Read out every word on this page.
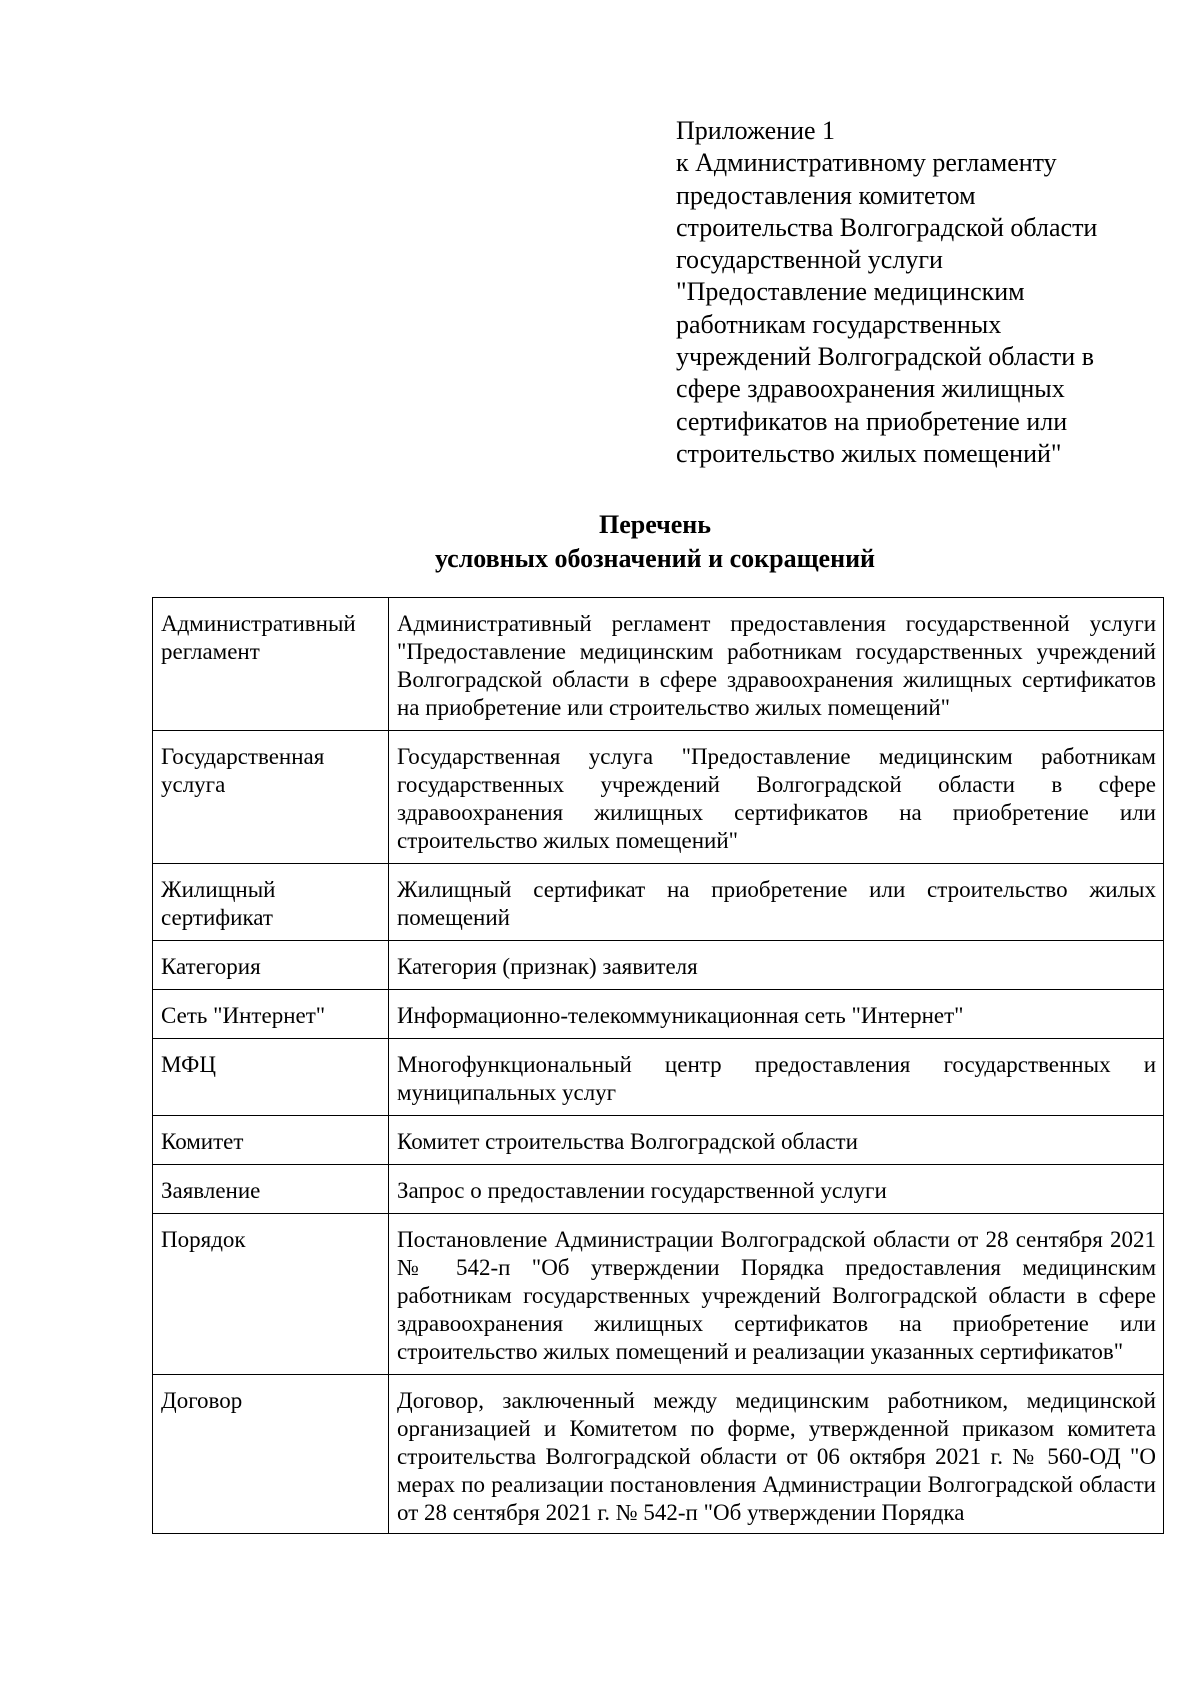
Приложение 1
к Административному регламенту
предоставления комитетом
строительства Волгоградской области
государственной услуги
"Предоставление медицинским
работникам государственных
учреждений Волгоградской области в
сфере здравоохранения жилищных
сертификатов на приобретение или
строительство жилых помещений"
Перечень

условных обозначений и сокращений
Административный регламент	Административный регламент предоставления государственной услуги "Предоставление медицинским работникам государственных учреждений Волгоградской области в сфере здравоохранения жилищных сертификатов на приобретение или строительство жилых помещений"
Государственная услуга	Государственная услуга "Предоставление медицинским работникам государственных учреждений Волгоградской области в сфере здравоохранения жилищных сертификатов на приобретение или строительство жилых помещений"
Жилищный сертификат	Жилищный сертификат на приобретение или строительство жилых помещений
Категория	Категория (признак) заявителя
Сеть "Интернет"	Информационно-телекоммуникационная сеть "Интернет"
МФЦ	Многофункциональный центр предоставления государственных и муниципальных услуг
Комитет	Комитет строительства Волгоградской области
Заявление	Запрос о предоставлении государственной услуги
Порядок	Постановление Администрации Волгоградской области от 28 сентября 2021 № 542-п "Об утверждении Порядка предоставления медицинским работникам государственных учреждений Волгоградской области в сфере здравоохранения жилищных сертификатов на приобретение или строительство жилых помещений и реализации указанных сертификатов"
Договор	Договор, заключенный между медицинским работником, медицинской организацией и Комитетом по форме, утвержденной приказом комитета строительства Волгоградской области от 06 октября 2021 г. № 560-ОД "О мерах по реализации постановления Администрации Волгоградской области от 28 сентября 2021 г. № 542-п "Об утверждении Порядка
